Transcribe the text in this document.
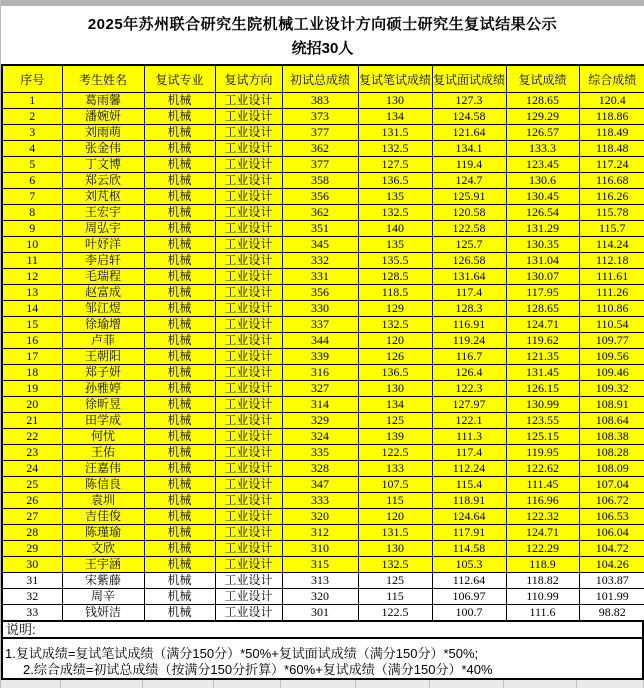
2025年苏州联合研究生院机械工业设计方向硕士研究生复试结果公示
统招30人
序号	考生姓名	复试专业	复试方向	初试总成绩	复试笔试成绩	复试面试成绩	复试成绩	综合成绩
1	葛雨馨	机械	工业设计	383	130	127.3	128.65	120.4
2	潘婉妍	机械	工业设计	373	134	124.58	129.29	118.86
3	刘雨萌	机械	工业设计	377	131.5	121.64	126.57	118.49
4	张金伟	机械	工业设计	362	132.5	134.1	133.3	118.48
5	丁文博	机械	工业设计	377	127.5	119.4	123.45	117.24
6	郑云欣	机械	工业设计	358	136.5	124.7	130.6	116.68
7	刘芃枢	机械	工业设计	356	135	125.91	130.45	116.26
8	王宏宇	机械	工业设计	362	132.5	120.58	126.54	115.78
9	周弘宇	机械	工业设计	351	140	122.58	131.29	115.7
10	叶妤洋	机械	工业设计	345	135	125.7	130.35	114.24
11	李启轩	机械	工业设计	332	135.5	126.58	131.04	112.18
12	毛瑞程	机械	工业设计	331	128.5	131.64	130.07	111.61
13	赵富成	机械	工业设计	356	118.5	117.4	117.95	111.26
14	邹江煜	机械	工业设计	330	129	128.3	128.65	110.86
15	徐瑜增	机械	工业设计	337	132.5	116.91	124.71	110.54
16	卢菲	机械	工业设计	344	120	119.24	119.62	109.77
17	王朝阳	机械	工业设计	339	126	116.7	121.35	109.56
18	郑子妍	机械	工业设计	316	136.5	126.4	131.45	109.46
19	孙雅婷	机械	工业设计	327	130	122.3	126.15	109.32
20	徐昕昱	机械	工业设计	314	134	127.97	130.99	108.91
21	田学成	机械	工业设计	329	125	122.1	123.55	108.64
22	何忧	机械	工业设计	324	139	111.3	125.15	108.38
23	王佑	机械	工业设计	335	122.5	117.4	119.95	108.28
24	汪嘉伟	机械	工业设计	328	133	112.24	122.62	108.09
25	陈信良	机械	工业设计	347	107.5	115.4	111.45	107.04
26	袁圳	机械	工业设计	333	115	118.91	116.96	106.72
27	吉佳俊	机械	工业设计	320	120	124.64	122.32	106.53
28	陈瑾瑜	机械	工业设计	312	131.5	117.91	124.71	106.04
29	文欣	机械	工业设计	310	130	114.58	122.29	104.72
30	王宇涵	机械	工业设计	315	132.5	105.3	118.9	104.26
31	宋紫藤	机械	工业设计	313	125	112.64	118.82	103.87
32	周辛	机械	工业设计	320	115	106.97	110.99	101.99
33	钱妍洁	机械	工业设计	301	122.5	100.7	111.6	98.82
说明:
1.复试成绩=复试笔试成绩（满分150分）*50%+复试面试成绩（满分150分）*50%;
2.综合成绩=初试总成绩（按满分150分折算）*60%+复试成绩（满分150分）*40%
